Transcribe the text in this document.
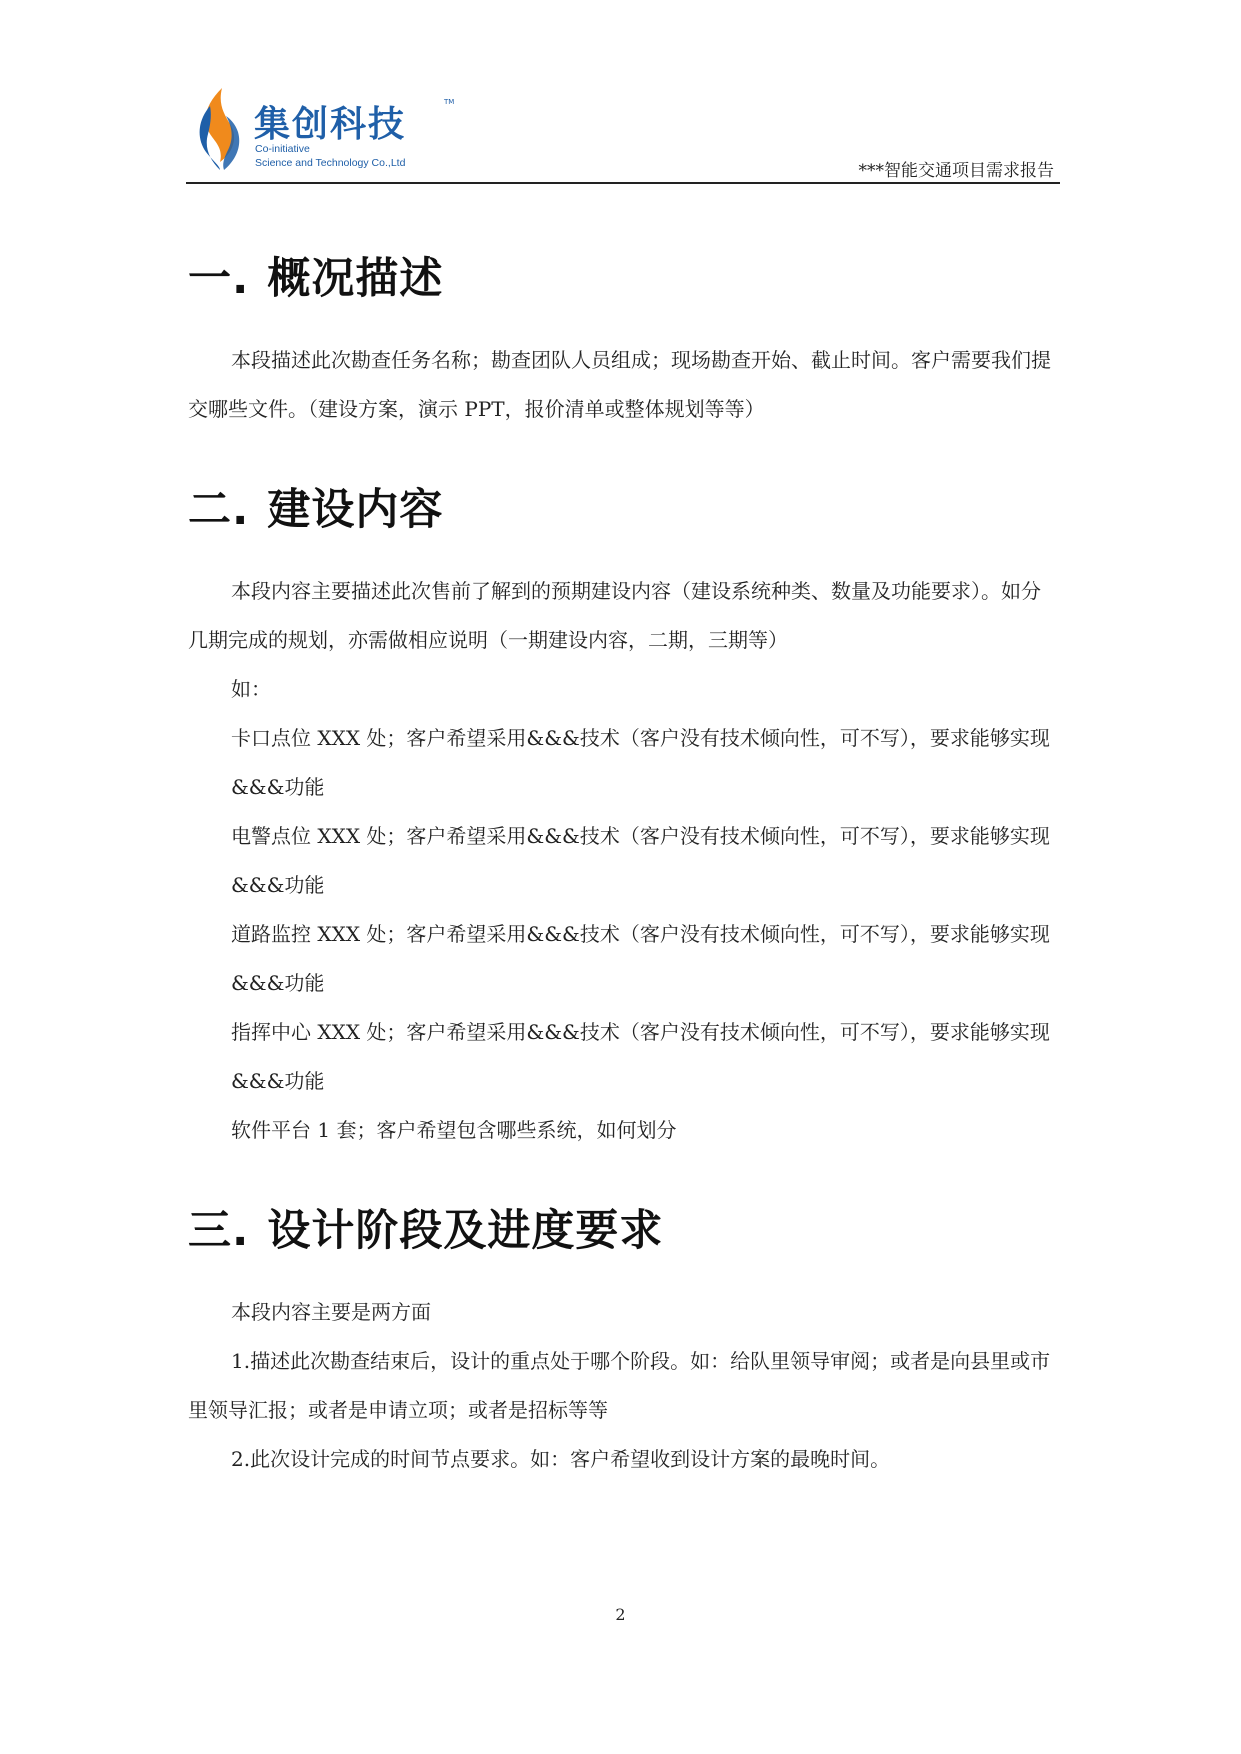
集创科技
TM
Co-initiative
Science and Technology Co.,Ltd	***智能交通项目需求报告
一. 概况描述

本段描述此次勘查任务名称；勘查团队人员组成；现场勘查开始、截止时间。客户需要我们提交哪些文件。（建设方案，演示 PPT，报价清单或整体规划等等）

二. 建设内容

本段内容主要描述此次售前了解到的预期建设内容（建设系统种类、数量及功能要求）。如分几期完成的规划，亦需做相应说明（一期建设内容，二期，三期等）

如：

卡口点位 XXX 处；客户希望采用&&&技术（客户没有技术倾向性，可不写），要求能够实现&&&功能

电警点位 XXX 处；客户希望采用&&&技术（客户没有技术倾向性，可不写），要求能够实现&&&功能

道路监控 XXX 处；客户希望采用&&&技术（客户没有技术倾向性，可不写），要求能够实现&&&功能

指挥中心 XXX 处；客户希望采用&&&技术（客户没有技术倾向性，可不写），要求能够实现&&&功能

软件平台 1 套；客户希望包含哪些系统，如何划分

三. 设计阶段及进度要求

本段内容主要是两方面

1.描述此次勘查结束后，设计的重点处于哪个阶段。如：给队里领导审阅；或者是向县里或市里领导汇报；或者是申请立项；或者是招标等等

2.此次设计完成的时间节点要求。如：客户希望收到设计方案的最晚时间。

2
